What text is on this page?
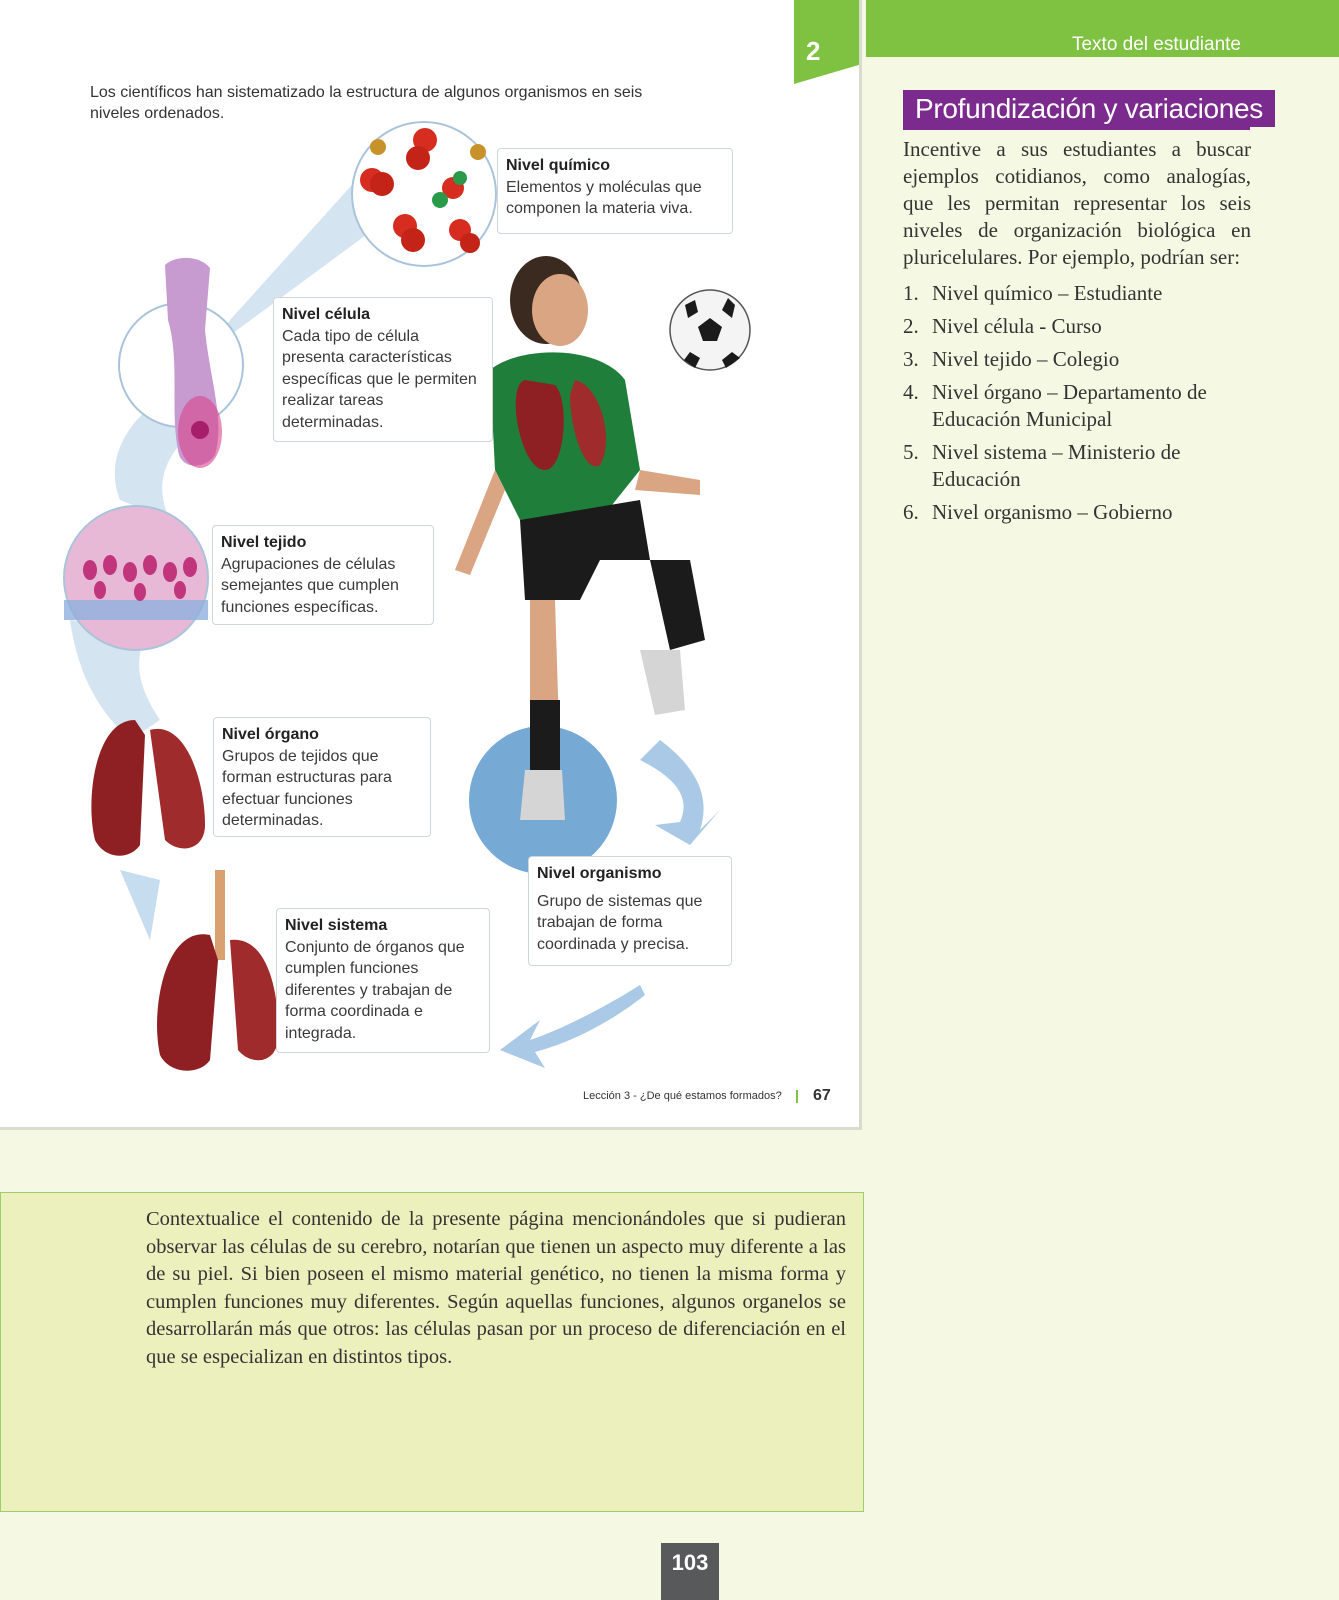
Texto del estudiante
2
Los científicos han sistematizado la estructura de algunos organismos en seis niveles ordenados.
Nivel químico
Elementos y moléculas que componen la materia viva.
Nivel célula
Cada tipo de célula presenta características específicas que le permiten realizar tareas determinadas.
Nivel tejido
Agrupaciones de células semejantes que cumplen funciones específicas.
Nivel órgano
Grupos de tejidos que forman estructuras para efectuar funciones determinadas.
Nivel sistema
Conjunto de órganos que cumplen funciones diferentes y trabajan de forma coordinada e integrada.
Nivel organismo
Grupo de sistemas que trabajan de forma coordinada y precisa.
Lección 3 - ¿De qué estamos formados? 67
Profundización y variaciones
Incentive a sus estudiantes a buscar ejemplos cotidianos, como analogías, que les permitan representar los seis niveles de organización biológica en pluricelulares. Por ejemplo, podrían ser:
1. Nivel químico – Estudiante
2. Nivel célula - Curso
3. Nivel tejido – Colegio
4. Nivel órgano – Departamento de Educación Municipal
5. Nivel sistema – Ministerio de Educación
6. Nivel organismo – Gobierno
Contextualice el contenido de la presente página mencionándoles que si pudieran observar las células de su cerebro, notarían que tienen un aspecto muy diferente a las de su piel. Si bien poseen el mismo material genético, no tienen la misma forma y cumplen funciones muy diferentes. Según aquellas funciones, algunos organelos se desarrollarán más que otros: las células pasan por un proceso de diferenciación en el que se especializan en distintos tipos.
103
